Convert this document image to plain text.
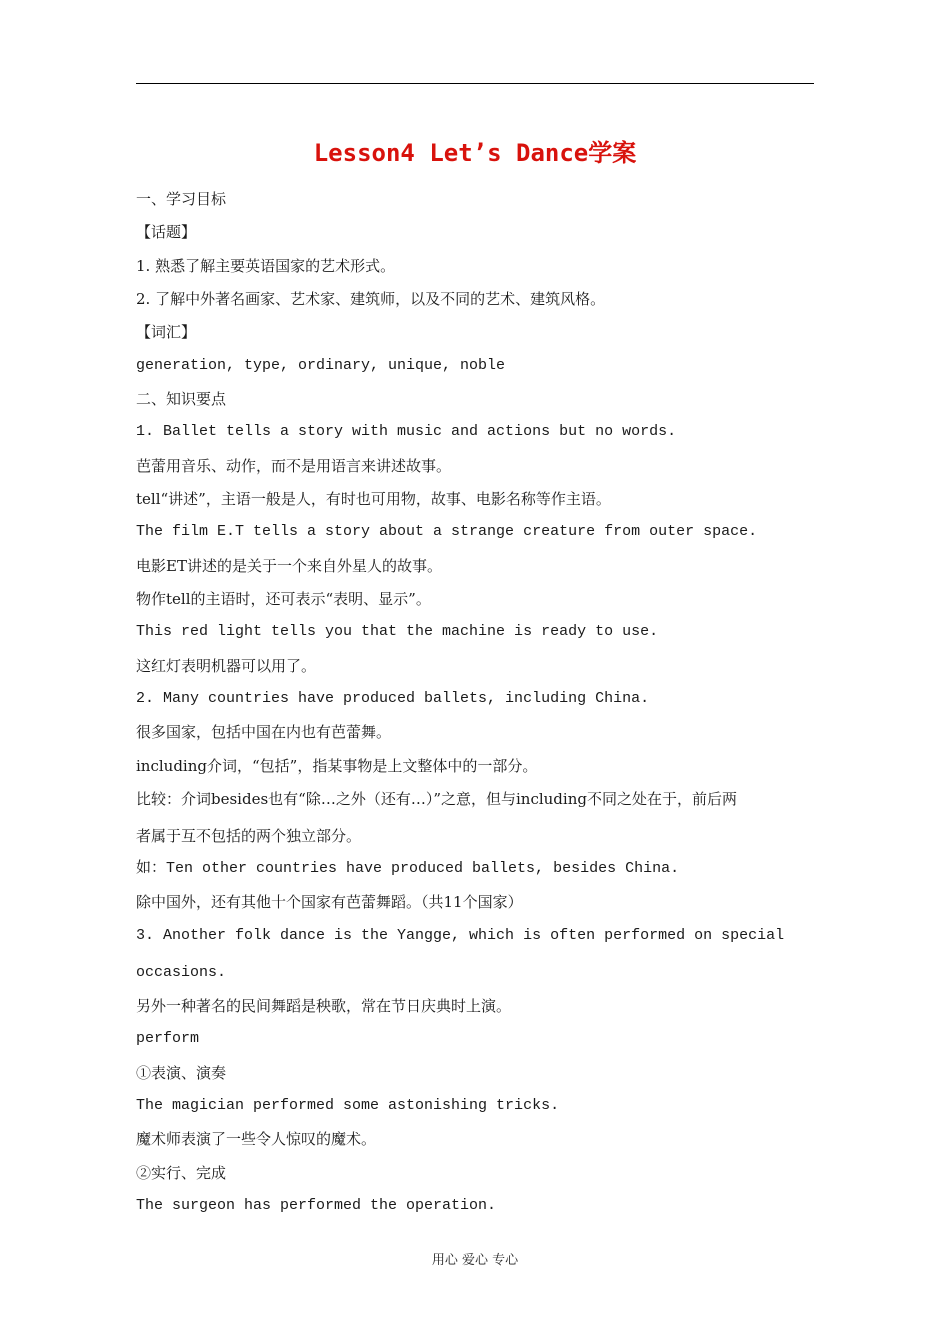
Lesson4 Let’s Dance学案
一、学习目标
【话题】
1. 熟悉了解主要英语国家的艺术形式。
2. 了解中外著名画家、艺术家、建筑师，以及不同的艺术、建筑风格。
【词汇】
generation, type, ordinary, unique, noble
二、知识要点
1. Ballet tells a story with music and actions but no words.
芭蕾用音乐、动作，而不是用语言来讲述故事。
tell“讲述”，主语一般是人，有时也可用物，故事、电影名称等作主语。
The film E.T tells a story about a strange creature from outer space.
电影ET讲述的是关于一个来自外星人的故事。
物作tell的主语时，还可表示“表明、显示”。
This red light tells you that the machine is ready to use.
这红灯表明机器可以用了。
2. Many countries have produced ballets, including China.
很多国家，包括中国在内也有芭蕾舞。
including介词，“包括”，指某事物是上文整体中的一部分。
比较：介词besides也有“除…之外（还有…）”之意，但与including不同之处在于，前后两
者属于互不包括的两个独立部分。
如：Ten other countries have produced ballets, besides China.
除中国外，还有其他十个国家有芭蕾舞蹈。（共11个国家）
3. Another folk dance is the Yangge, which is often performed on special
occasions.
另外一种著名的民间舞蹈是秧歌，常在节日庆典时上演。
perform
①表演、演奏
The magician performed some astonishing tricks.
魔术师表演了一些令人惊叹的魔术。
②实行、完成
The surgeon has performed the operation.
用心 爱心 专心
